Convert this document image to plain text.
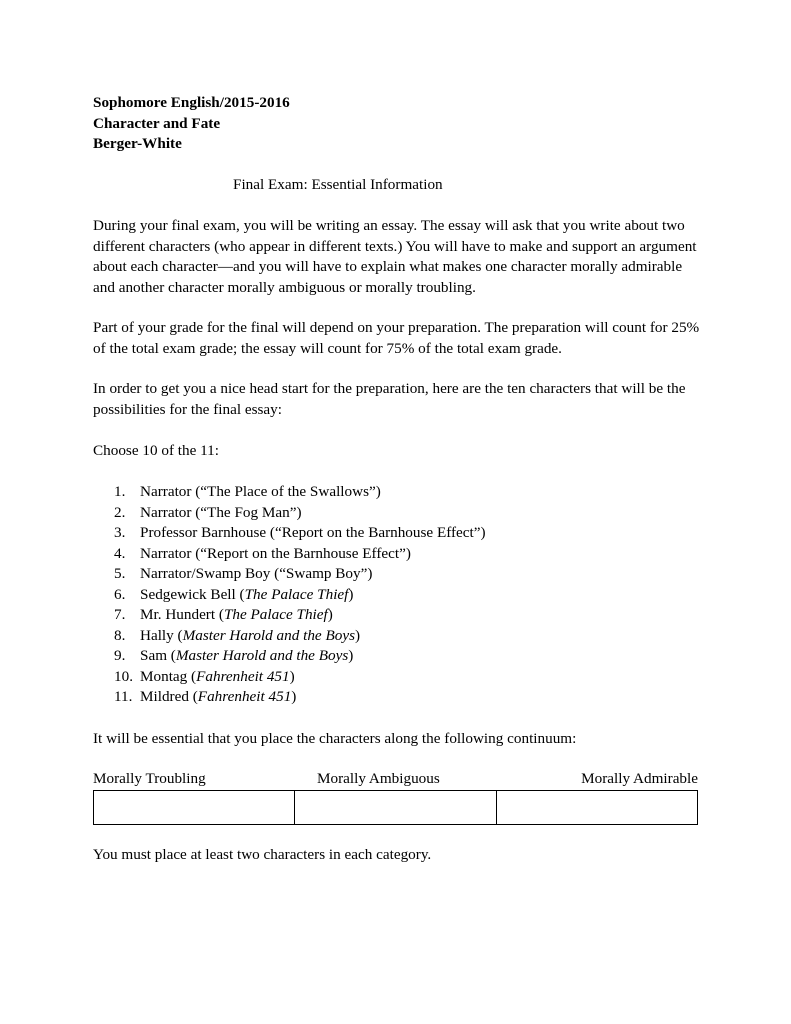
Sophomore English/2015-2016
Character and Fate
Berger-White
Final Exam: Essential Information

During your final exam, you will be writing an essay. The essay will ask that you write about two different characters (who appear in different texts.) You will have to make and support an argument about each character—and you will have to explain what makes one character morally admirable and another character morally ambiguous or morally troubling.

Part of your grade for the final will depend on your preparation. The preparation will count for 25% of the total exam grade; the essay will count for 75% of the total exam grade.

In order to get you a nice head start for the preparation, here are the ten characters that will be the possibilities for the final essay:

Choose 10 of the 11:

1. Narrator (“The Place of the Swallows”)
2. Narrator (“The Fog Man”)
3. Professor Barnhouse (“Report on the Barnhouse Effect”)
4. Narrator (“Report on the Barnhouse Effect”)
5. Narrator/Swamp Boy (“Swamp Boy”)
6. Sedgewick Bell (The Palace Thief)
7. Mr. Hundert (The Palace Thief)
8. Hally (Master Harold and the Boys)
9. Sam (Master Harold and the Boys)
10. Montag (Fahrenheit 451)
11. Mildred (Fahrenheit 451)

It will be essential that you place the characters along the following continuum:

Morally Troubling	Morally Ambiguous	Morally Admirable

You must place at least two characters in each category.
